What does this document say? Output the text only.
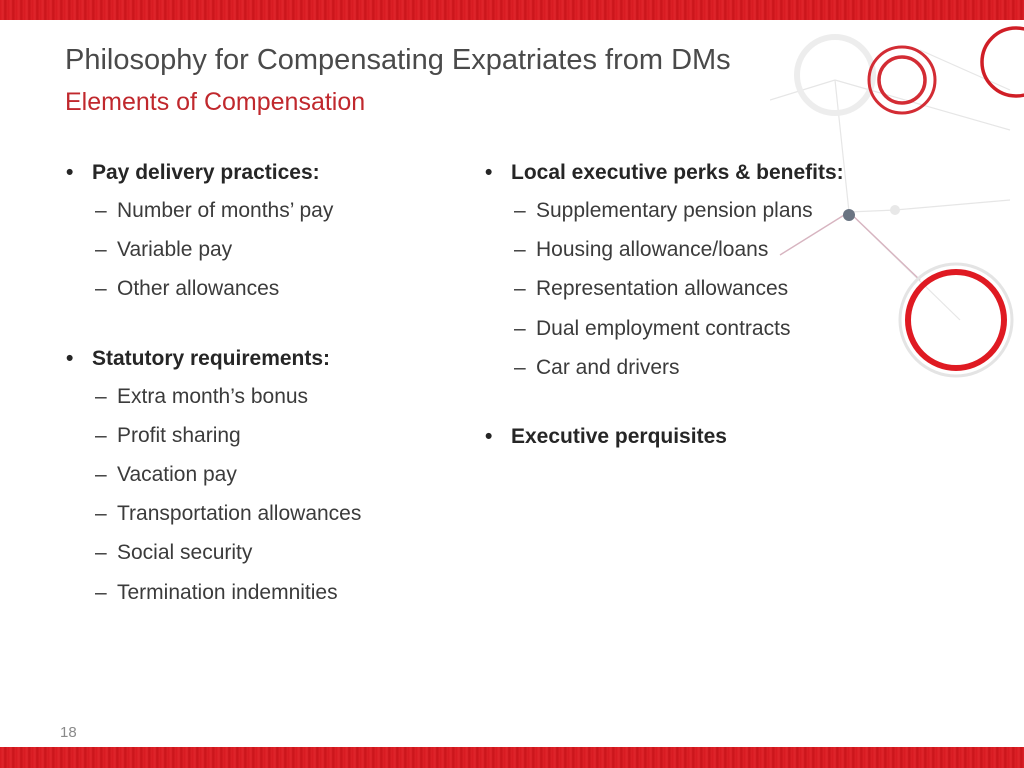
Philosophy for Compensating Expatriates from DMs
Elements of Compensation
• Pay delivery practices:
– Number of months’ pay
– Variable pay
– Other allowances
• Statutory requirements:
– Extra month’s bonus
– Profit sharing
– Vacation pay
– Transportation allowances
– Social security
– Termination indemnities
• Local executive perks & benefits:
– Supplementary pension plans
– Housing allowance/loans
– Representation allowances
– Dual employment contracts
– Car and drivers
• Executive perquisites
18
